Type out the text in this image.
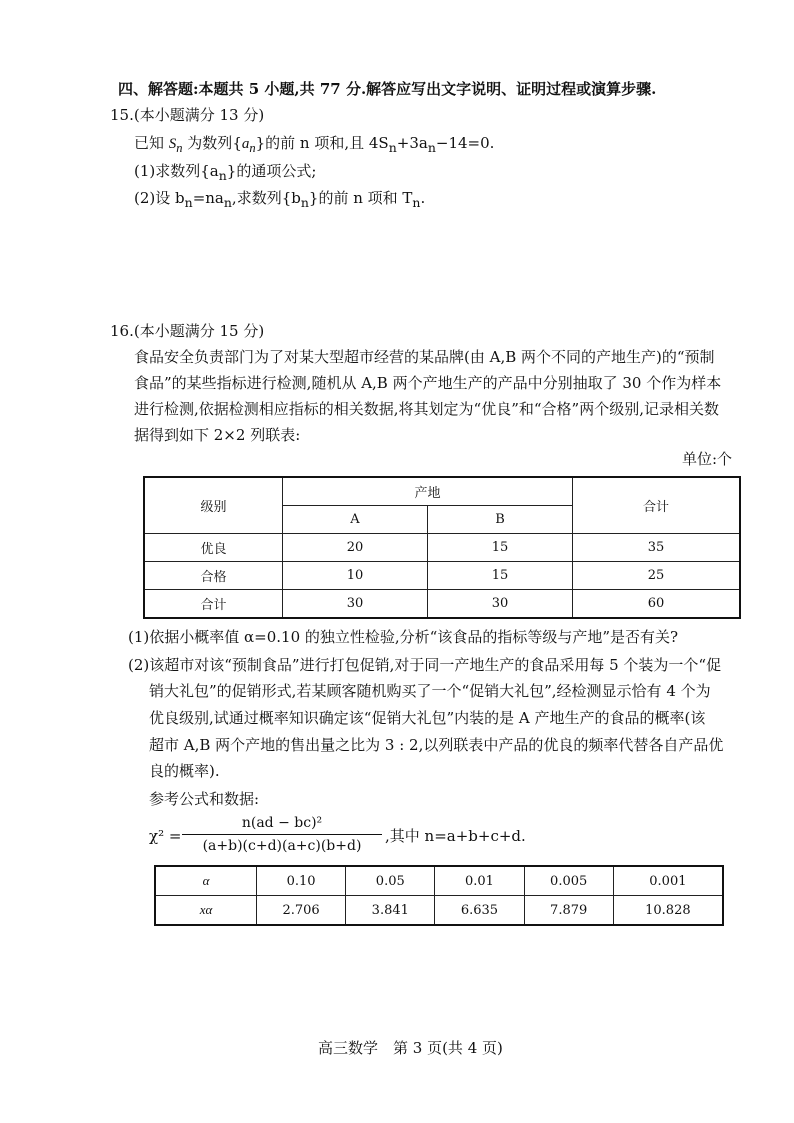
四、解答题:本题共 5 小题,共 77 分.解答应写出文字说明、证明过程或演算步骤.
15.(本小题满分 13 分)
已知 $S_n$ 为数列$\{a_n\}$的前 n 项和,且 $4S_n+3a_n-14=0$.
(1)求数列$\{a_n\}$的通项公式;
(2)设 $b_n=na_n$,求数列$\{b_n\}$的前 n 项和 $T_n$.
16.(本小题满分 15 分)
食品安全负责部门为了对某大型超市经营的某品牌(由 A,B 两个不同的产地生产)的“预制
食品”的某些指标进行检测,随机从 A,B 两个产地生产的产品中分别抽取了 30 个作为样本
进行检测,依据检测相应指标的相关数据,将其划定为“优良”和“合格”两个级别,记录相关数
据得到如下 2×2 列联表:
单位:个
级别	产地		合计
	A	B	
优良	20	15	35
合格	10	15	25
合计	30	30	60
(1)依据小概率值 α=0.10 的独立性检验,分析“该食品的指标等级与产地”是否有关?
(2)该超市对该“预制食品”进行打包促销,对于同一产地生产的食品采用每 5 个装为一个“促
销大礼包”的促销形式,若某顾客随机购买了一个“促销大礼包”,经检测显示恰有 4 个为
优良级别,试通过概率知识确定该“促销大礼包”内装的是 A 产地生产的食品的概率(该
超市 A,B 两个产地的售出量之比为 3 : 2,以列联表中产品的优良的频率代替各自产品优
良的概率).
参考公式和数据:
$\chi^2 = \frac{\text{n(ad − bc)²}}{(a+b)(c+d)(a+c)(b+d)}$ ,其中 n=a+b+c+d.
α	0.10	0.05	0.01	0.005	0.001
xα	2.706	3.841	6.635	7.879	10.828
高三数学　第 3 页(共 4 页)
